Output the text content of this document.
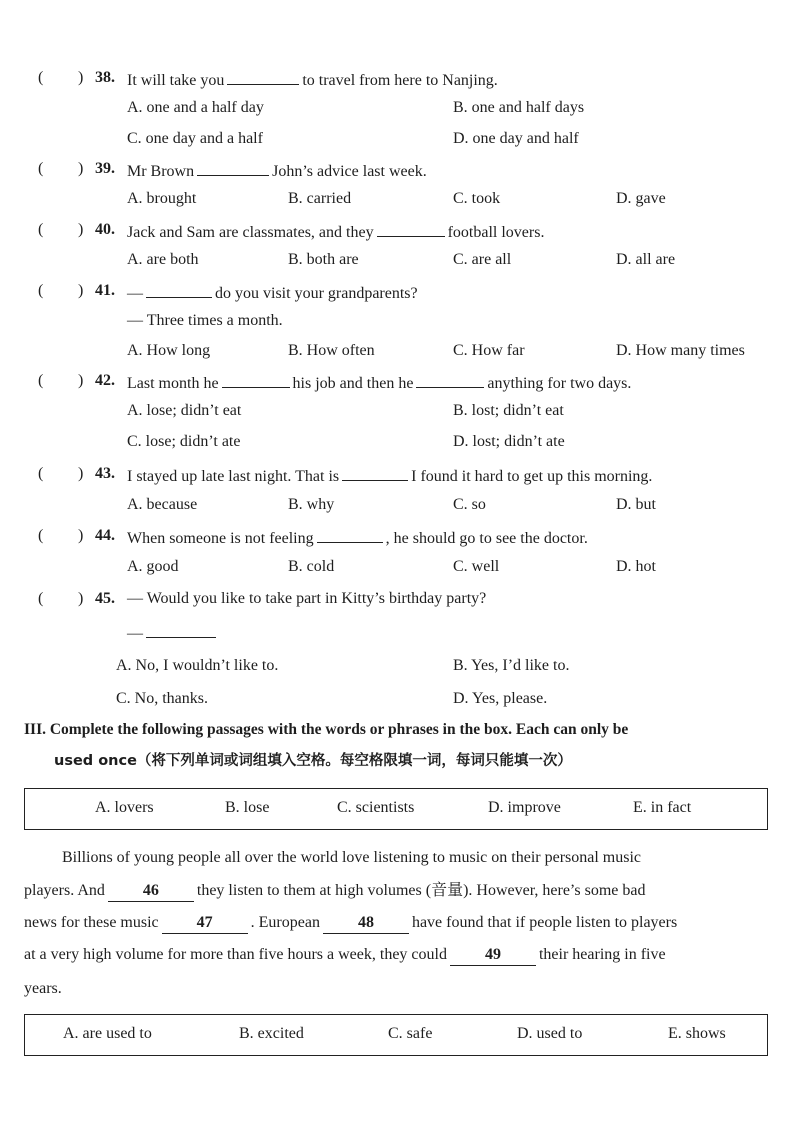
( ) 38. It will take you	to travel from here to Nanjing.
A. one and a half day	B. one and half days
C. one day and a half	D. one day and half
( ) 39. Mr Brown	John’s advice last week.
A. brought	B. carried	C. took	D. gave
( ) 40. Jack and Sam are classmates, and they	football lovers.
A. are both	B. both are	C. are all	D. all are
( ) 41. —	do you visit your grandparents?
— Three times a month.
A. How long	B. How often	C. How far	D. How many times
( ) 42. Last month he	his job and then he	anything for two days.
A. lose; didn’t eat	B. lost; didn’t eat
C. lose; didn’t ate	D. lost; didn’t ate
( ) 43. I stayed up late last night. That is	I found it hard to get up this morning.
A. because	B. why	C. so	D. but
( ) 44. When someone is not feeling	, he should go to see the doctor.
A. good	B. cold	C. well	D. hot
( ) 45. — Would you like to take part in Kitty’s birthday party?
—
A. No, I wouldn’t like to.	B. Yes, I’d like to.
C. No, thanks.	D. Yes, please.
III. Complete the following passages with the words or phrases in the box. Each can only be
used once（将下列单词或词组填入空格。每空格限填一词，每词只能填一次）
A. lovers	B. lose	C. scientists	D. improve	E. in fact
Billions of young people all over the world love listening to music on their personal music
players. And 46 they listen to them at high volumes (音量). However, here’s some bad
news for these music 47 . European 48 have found that if people listen to players
at a very high volume for more than five hours a week, they could 49 their hearing in five
years.
A. are used to	B. excited	C. safe	D. used to	E. shows
